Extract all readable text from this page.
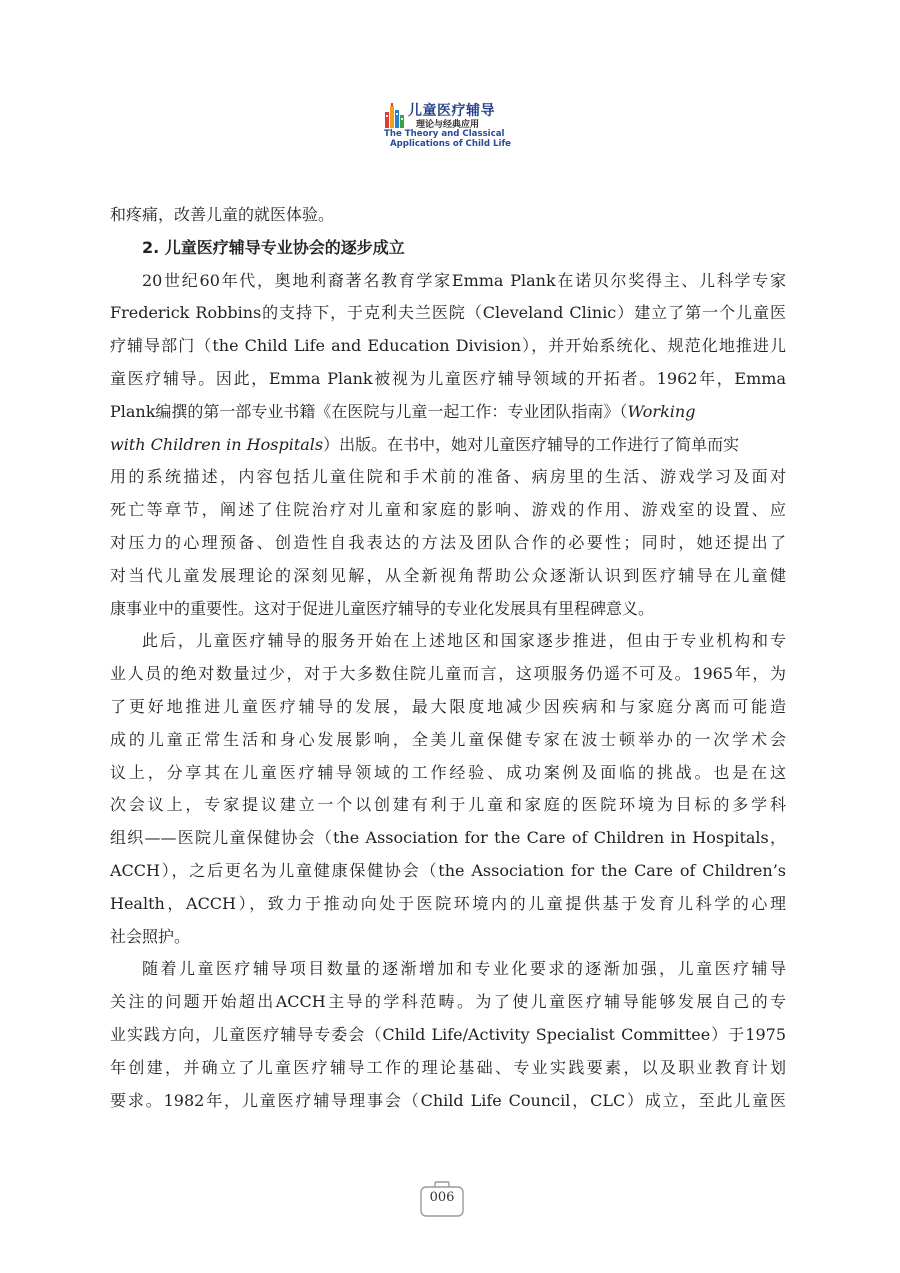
儿童医疗辅导
理论与经典应用
The Theory and Classical
Applications of Child Life
和疼痛，改善儿童的就医体验。
2. 儿童医疗辅导专业协会的逐步成立
20世纪60年代，奥地利裔著名教育学家Emma Plank在诺贝尔奖得主、儿科学专家
Frederick Robbins的支持下，于克利夫兰医院（Cleveland Clinic）建立了第一个儿童医
疗辅导部门（the Child Life and Education Division），并开始系统化、规范化地推进儿
童医疗辅导。因此，Emma Plank被视为儿童医疗辅导领域的开拓者。1962年，Emma
Plank编撰的第一部专业书籍《在医院与儿童一起工作：专业团队指南》（Working
with Children in Hospitals）出版。在书中，她对儿童医疗辅导的工作进行了简单而实
用的系统描述，内容包括儿童住院和手术前的准备、病房里的生活、游戏学习及面对
死亡等章节，阐述了住院治疗对儿童和家庭的影响、游戏的作用、游戏室的设置、应
对压力的心理预备、创造性自我表达的方法及团队合作的必要性；同时，她还提出了
对当代儿童发展理论的深刻见解，从全新视角帮助公众逐渐认识到医疗辅导在儿童健
康事业中的重要性。这对于促进儿童医疗辅导的专业化发展具有里程碑意义。
此后，儿童医疗辅导的服务开始在上述地区和国家逐步推进，但由于专业机构和专
业人员的绝对数量过少，对于大多数住院儿童而言，这项服务仍遥不可及。1965年，为
了更好地推进儿童医疗辅导的发展，最大限度地减少因疾病和与家庭分离而可能造
成的儿童正常生活和身心发展影响，全美儿童保健专家在波士顿举办的一次学术会
议上，分享其在儿童医疗辅导领域的工作经验、成功案例及面临的挑战。也是在这
次会议上，专家提议建立一个以创建有利于儿童和家庭的医院环境为目标的多学科
组织——医院儿童保健协会（the Association for the Care of Children in Hospitals，
ACCH），之后更名为儿童健康保健协会（the Association for the Care of Children’s
Health，ACCH），致力于推动向处于医院环境内的儿童提供基于发育儿科学的心理
社会照护。
随着儿童医疗辅导项目数量的逐渐增加和专业化要求的逐渐加强，儿童医疗辅导
关注的问题开始超出ACCH主导的学科范畴。为了使儿童医疗辅导能够发展自己的专
业实践方向，儿童医疗辅导专委会（Child Life/Activity Specialist Committee）于1975
年创建，并确立了儿童医疗辅导工作的理论基础、专业实践要素，以及职业教育计划
要求。1982年，儿童医疗辅导理事会（Child Life Council，CLC）成立，至此儿童医
006
